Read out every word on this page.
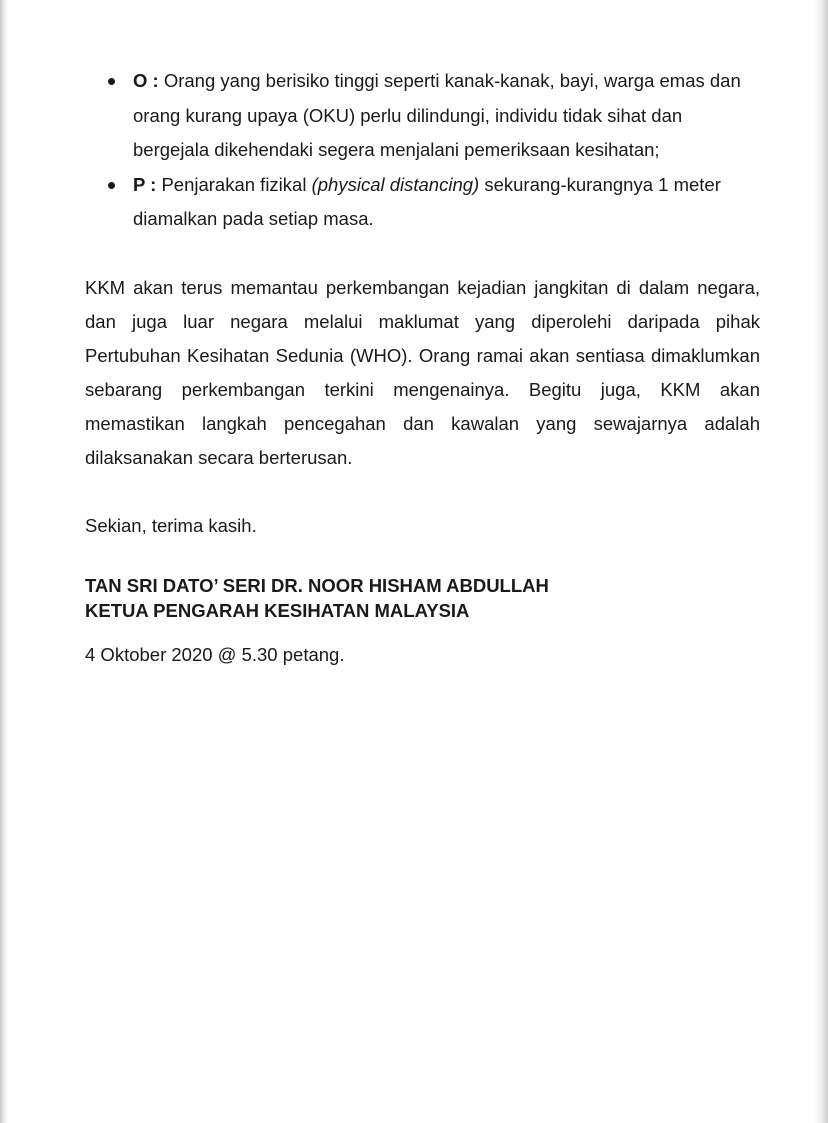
O : Orang yang berisiko tinggi seperti kanak-kanak, bayi, warga emas dan orang kurang upaya (OKU) perlu dilindungi, individu tidak sihat dan bergejala dikehendaki segera menjalani pemeriksaan kesihatan;
P : Penjarakan fizikal (physical distancing) sekurang-kurangnya 1 meter diamalkan pada setiap masa.

KKM akan terus memantau perkembangan kejadian jangkitan di dalam negara, dan juga luar negara melalui maklumat yang diperolehi daripada pihak Pertubuhan Kesihatan Sedunia (WHO). Orang ramai akan sentiasa dimaklumkan sebarang perkembangan terkini mengenainya. Begitu juga, KKM akan memastikan langkah pencegahan dan kawalan yang sewajarnya adalah dilaksanakan secara berterusan.

Sekian, terima kasih.

TAN SRI DATO’ SERI DR. NOOR HISHAM ABDULLAH
KETUA PENGARAH KESIHATAN MALAYSIA

4 Oktober 2020 @ 5.30 petang.
